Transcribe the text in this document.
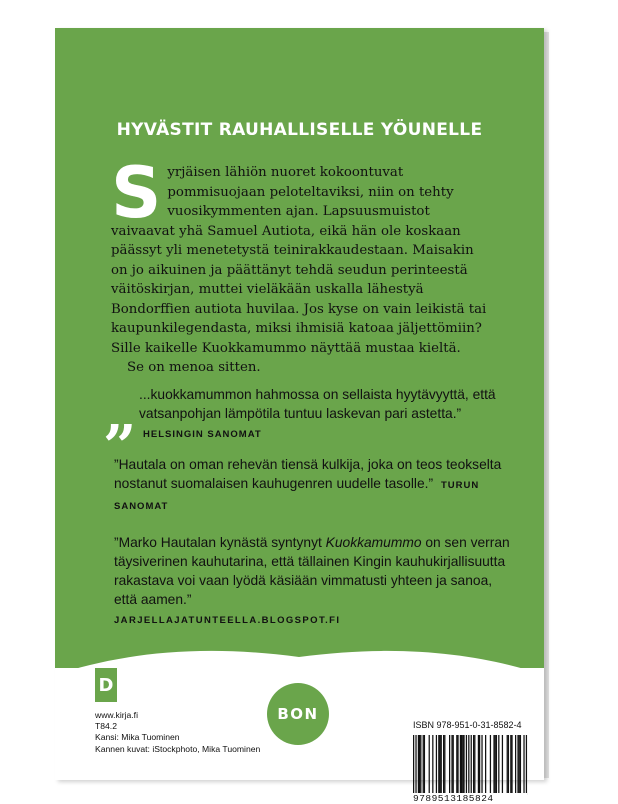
HYVÄSTIT RAUHALLISELLE YÖUNELLE

Syrjäisen lähiön nuoret kokoontuvat pommisuojaan peloteltaviksi, niin on tehty vuosikymmenten ajan. Lapsuusmuistot vaivaavat yhä Samuel Autiota, eikä hän ole koskaan päässyt yli menetetystä teinirakkaudestaan. Maisakin on jo aikuinen ja päättänyt tehdä seudun perinteestä väitöskirjan, muttei vieläkään uskalla lähestyä Bondorffien autiota huvilaa. Jos kyse on vain leikistä tai kaupunkilegendasta, miksi ihmisiä katoaa jäljettömiin? Sille kaikelle Kuokkamummo näyttää mustaa kieltä.

Se on menoa sitten.

„ ...kuokkamummon hahmossa on sellaista hyytävyyttä, että vatsanpohjan lämpötila tuntuu laskevan pari astetta.” HELSINGIN SANOMAT
”Hautala on oman rehevän tiensä kulkija, joka on teos teokselta nostanut suomalaisen kauhugenren uudelle tasolle.” TURUN SANOMAT
”Marko Hautalan kynästä syntynyt Kuokkamummo on sen verran täysiverinen kauhutarina, että tällainen Kingin kauhukirjallisuutta rakastava voi vaan lyödä käsiään vimmatusti yhteen ja sanoa, että aamen.”
JARJELLAJATUNTEELLA.BLOGSPOT.FI
D
BON
www.kirja.fi
T84.2
Kansi: Mika Tuominen
Kannen kuvat: iStockphoto, Mika Tuominen
ISBN 978-951-0-31-8582-4
9789513185824
